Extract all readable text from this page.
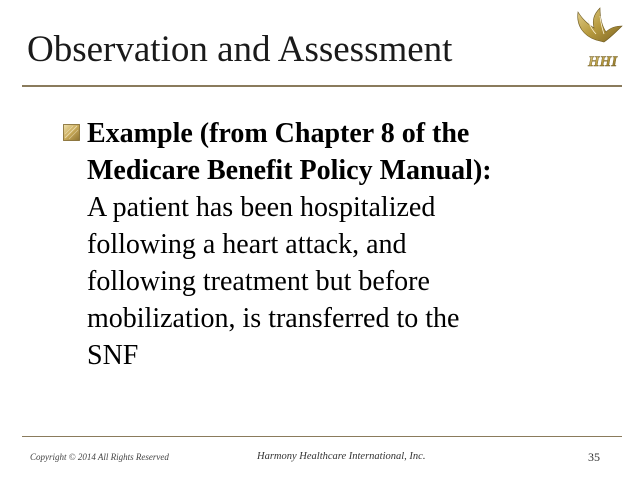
Observation and Assessment	HHI
Example (from Chapter 8 of the
Medicare Benefit Policy Manual):
A patient has been hospitalized
following a heart attack, and
following treatment but before
mobilization, is transferred to the
SNF
Copyright © 2014 All Rights Reserved	Harmony Healthcare International, Inc.	35
